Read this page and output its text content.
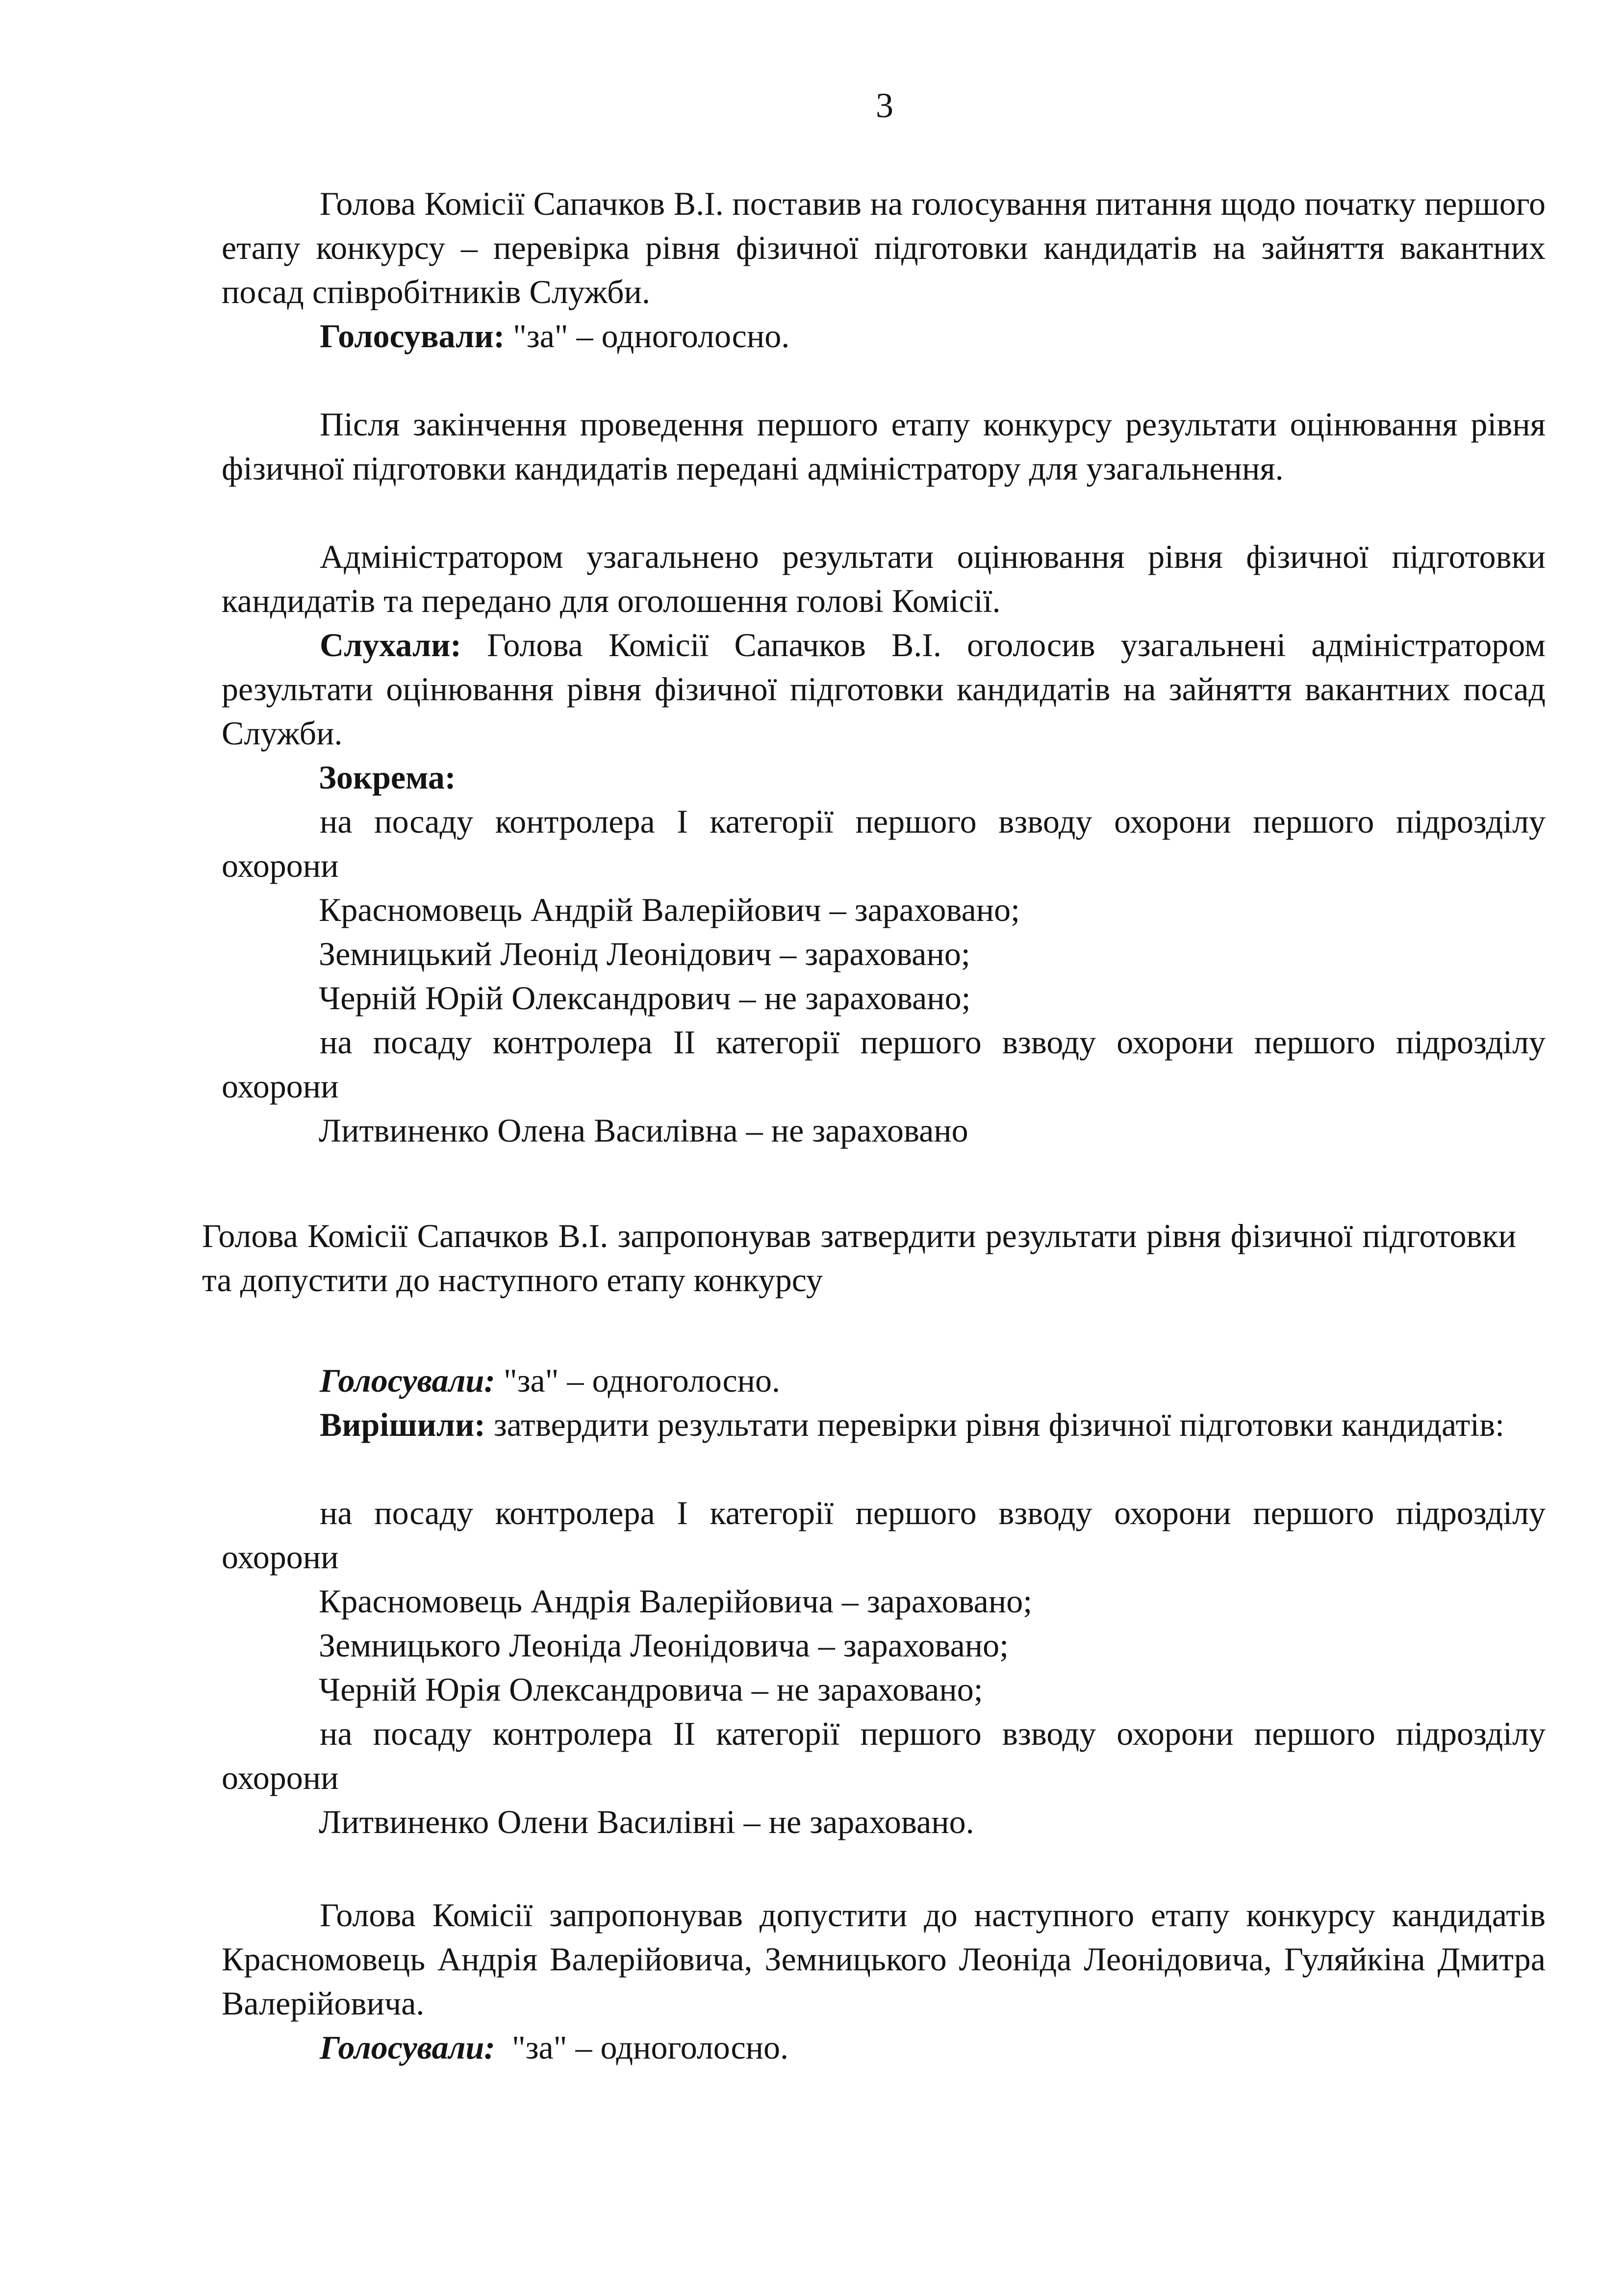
3

Голова Комісії Сапачков В.І. поставив на голосування питання щодо початку першого етапу конкурсу – перевірка рівня фізичної підготовки кандидатів на зайняття вакантних посад співробітників Служби.

Голосували: "за" – одноголосно.

Після закінчення проведення першого етапу конкурсу результати оцінювання рівня фізичної підготовки кандидатів передані адміністратору для узагальнення.

Адміністратором узагальнено результати оцінювання рівня фізичної підготовки кандидатів та передано для оголошення голові Комісії.

Слухали: Голова Комісії Сапачков В.І. оголосив узагальнені адміністратором результати оцінювання рівня фізичної підготовки кандидатів на зайняття вакантних посад Служби.

Зокрема:

на посаду контролера І категорії першого взводу охорони першого підрозділу охорони

Красномовець Андрій Валерійович – зараховано;

Земницький Леонід Леонідович – зараховано;

Черній Юрій Олександрович – не зараховано;

на посаду контролера ІІ категорії першого взводу охорони першого підрозділу охорони

Литвиненко Олена Василівна – не зараховано

Голова Комісії Сапачков В.І. запропонував затвердити результати рівня фізичної підготовки та допустити до наступного етапу конкурсу

Голосували: "за" – одноголосно.

Вирішили: затвердити результати перевірки рівня фізичної підготовки кандидатів:

на посаду контролера І категорії першого взводу охорони першого підрозділу охорони

Красномовець Андрія Валерійовича – зараховано;

Земницького Леоніда Леонідовича – зараховано;

Черній Юрія Олександровича – не зараховано;

на посаду контролера ІІ категорії першого взводу охорони першого підрозділу охорони

Литвиненко Олени Василівні – не зараховано.

Голова Комісії запропонував допустити до наступного етапу конкурсу кандидатів Красномовець Андрія Валерійовича, Земницького Леоніда Леонідовича, Гуляйкіна Дмитра Валерійовича.

Голосували:  "за" – одноголосно.
